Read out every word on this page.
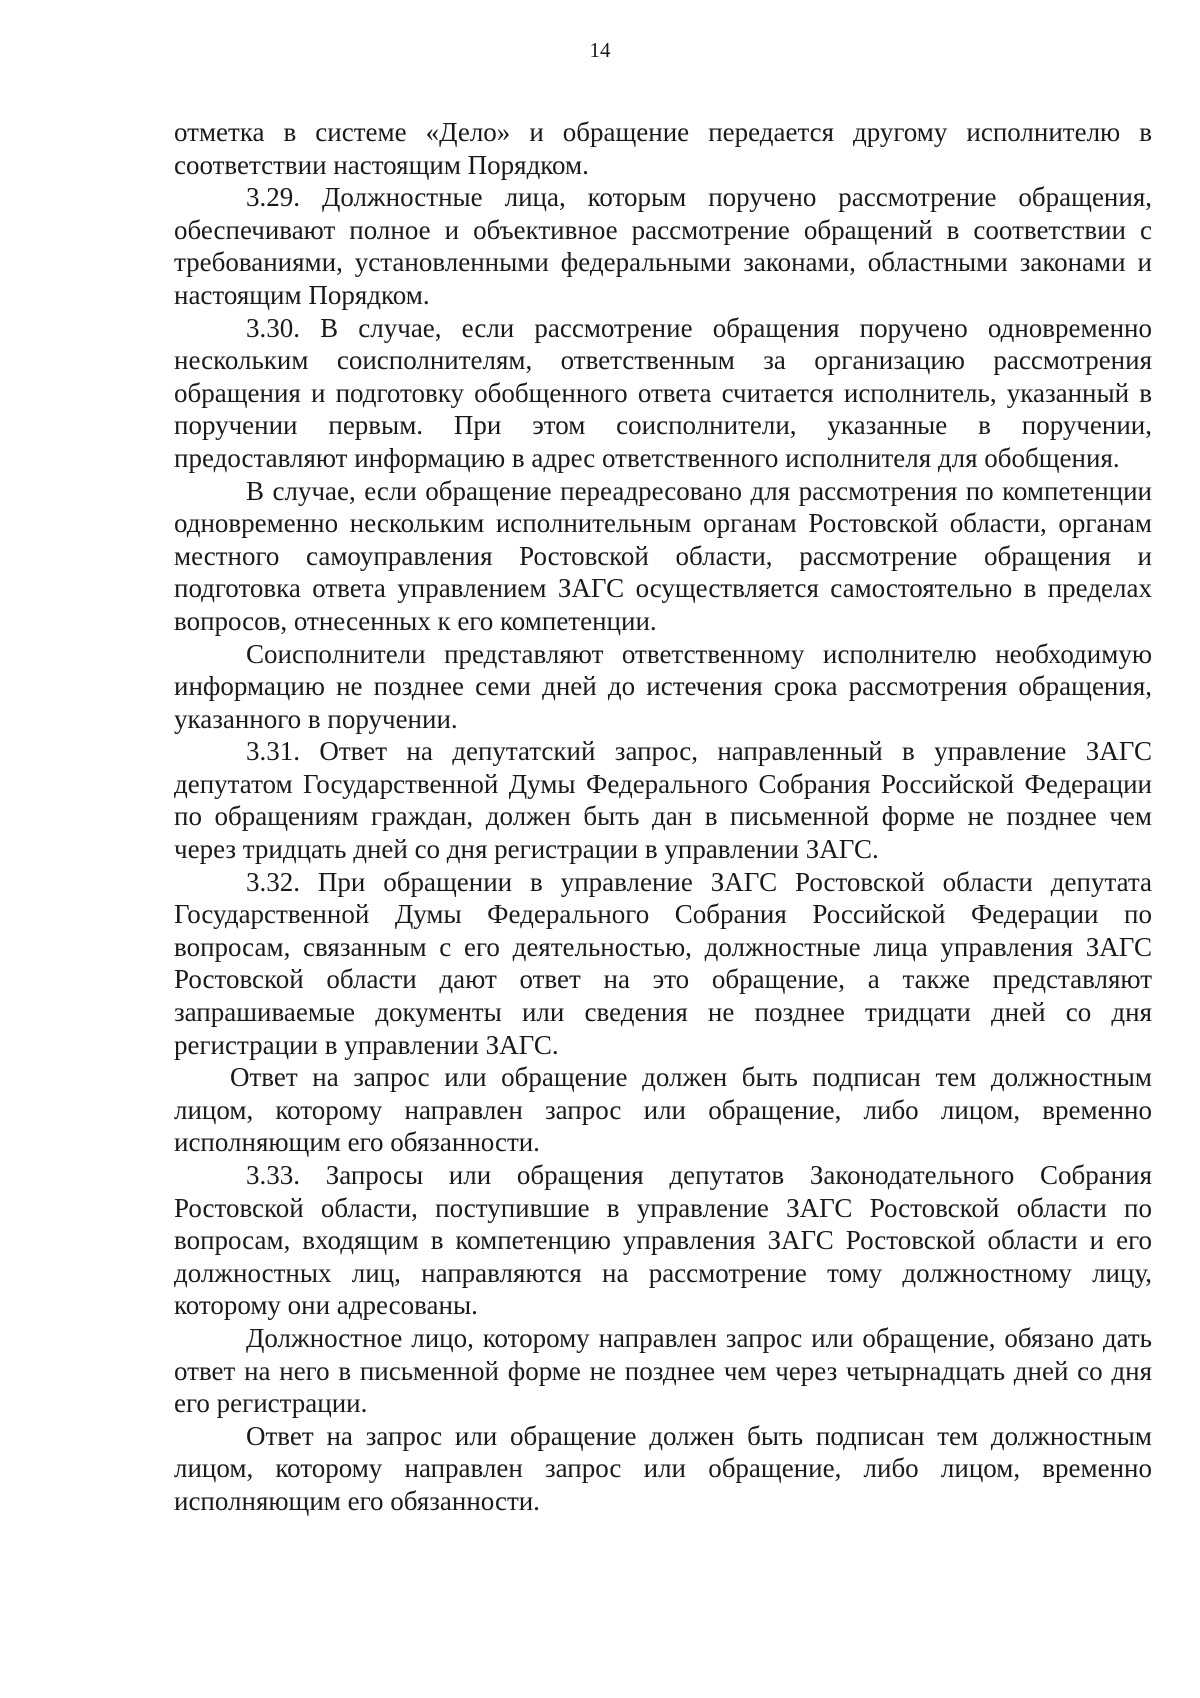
14

отметка в системе «Дело» и обращение передается другому исполнителю в соответствии настоящим Порядком.

3.29. Должностные лица, которым поручено рассмотрение обращения, обеспечивают полное и объективное рассмотрение обращений в соответствии с требованиями, установленными федеральными законами, областными законами и настоящим Порядком.

3.30. В случае, если рассмотрение обращения поручено одновременно нескольким соисполнителям, ответственным за организацию рассмотрения обращения и подготовку обобщенного ответа считается исполнитель, указанный в поручении первым. При этом соисполнители, указанные в поручении, предоставляют информацию в адрес ответственного исполнителя для обобщения.

В случае, если обращение переадресовано для рассмотрения по компетенции одновременно нескольким исполнительным органам Ростовской области, органам местного самоуправления Ростовской области, рассмотрение обращения и подготовка ответа управлением ЗАГС осуществляется самостоятельно в пределах вопросов, отнесенных к его компетенции.

Соисполнители представляют ответственному исполнителю необходимую информацию не позднее семи дней до истечения срока рассмотрения обращения, указанного в поручении.

3.31. Ответ на депутатский запрос, направленный в управление ЗАГС депутатом Государственной Думы Федерального Собрания Российской Федерации по обращениям граждан, должен быть дан в письменной форме не позднее чем через тридцать дней со дня регистрации в управлении ЗАГС.

3.32. При обращении в управление ЗАГС Ростовской области депутата Государственной Думы Федерального Собрания Российской Федерации по вопросам, связанным с его деятельностью, должностные лица управления ЗАГС Ростовской области дают ответ на это обращение, а также представляют запрашиваемые документы или сведения не позднее тридцати дней со дня регистрации в управлении ЗАГС.

Ответ на запрос или обращение должен быть подписан тем должностным лицом, которому направлен запрос или обращение, либо лицом, временно исполняющим его обязанности.

3.33. Запросы или обращения депутатов Законодательного Собрания Ростовской области, поступившие в управление ЗАГС Ростовской области по вопросам, входящим в компетенцию управления ЗАГС Ростовской области и его должностных лиц, направляются на рассмотрение тому должностному лицу, которому они адресованы.

Должностное лицо, которому направлен запрос или обращение, обязано дать ответ на него в письменной форме не позднее чем через четырнадцать дней со дня его регистрации.

Ответ на запрос или обращение должен быть подписан тем должностным лицом, которому направлен запрос или обращение, либо лицом, временно исполняющим его обязанности.
